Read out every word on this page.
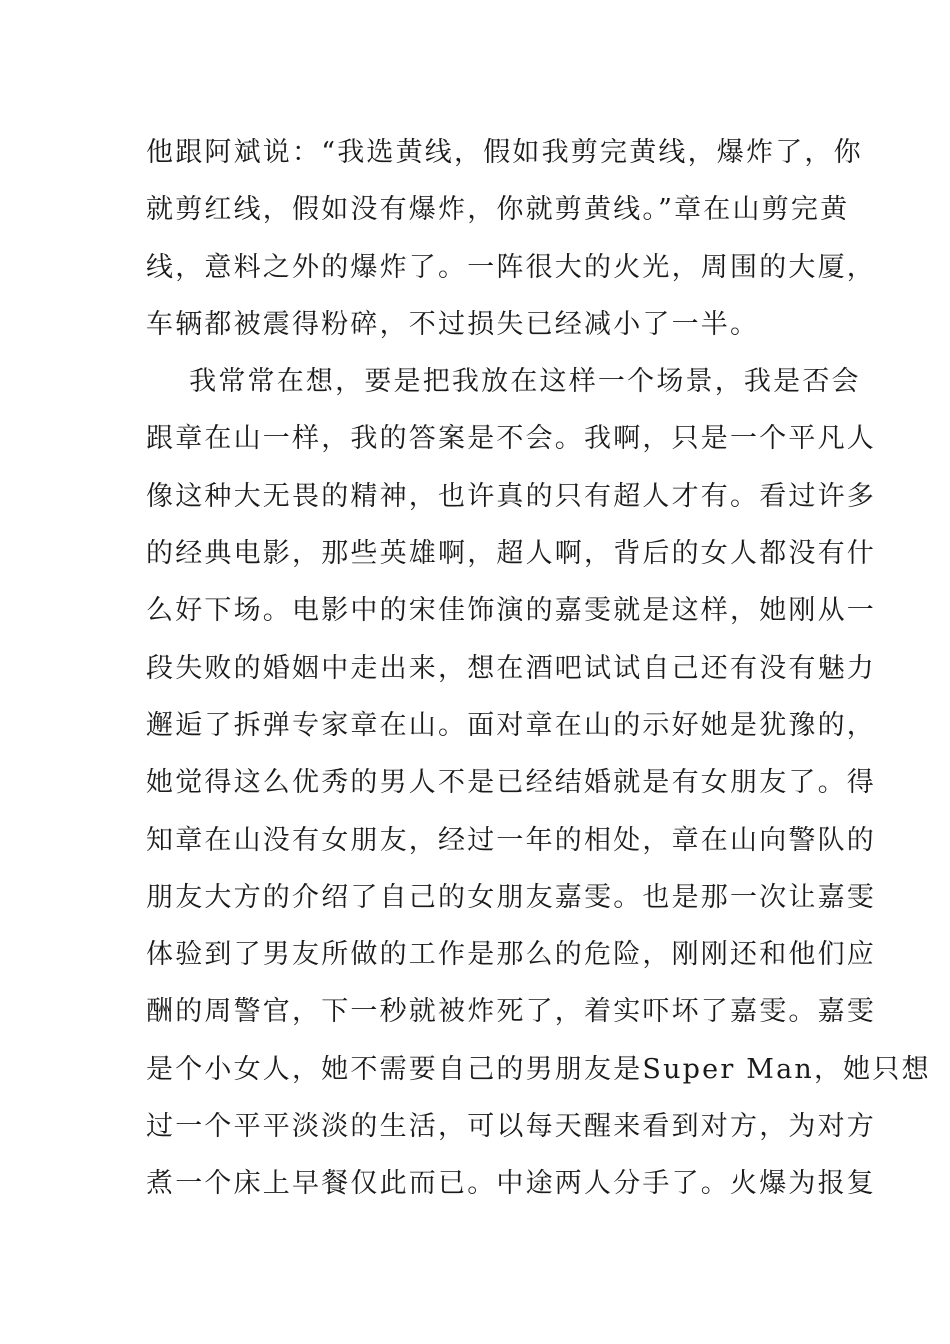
他跟阿斌说：“我选黄线，假如我剪完黄线，爆炸了，你
就剪红线，假如没有爆炸，你就剪黄线。”章在山剪完黄
线，意料之外的爆炸了。一阵很大的火光，周围的大厦，
车辆都被震得粉碎，不过损失已经减小了一半。
我常常在想，要是把我放在这样一个场景，我是否会
跟章在山一样，我的答案是不会。我啊，只是一个平凡人
像这种大无畏的精神，也许真的只有超人才有。看过许多
的经典电影，那些英雄啊，超人啊，背后的女人都没有什
么好下场。电影中的宋佳饰演的嘉雯就是这样，她刚从一
段失败的婚姻中走出来，想在酒吧试试自己还有没有魅力
邂逅了拆弹专家章在山。面对章在山的示好她是犹豫的，
她觉得这么优秀的男人不是已经结婚就是有女朋友了。得
知章在山没有女朋友，经过一年的相处，章在山向警队的
朋友大方的介绍了自己的女朋友嘉雯。也是那一次让嘉雯
体验到了男友所做的工作是那么的危险，刚刚还和他们应
酬的周警官，下一秒就被炸死了，着实吓坏了嘉雯。嘉雯
是个小女人，她不需要自己的男朋友是Super Man，她只想
过一个平平淡淡的生活，可以每天醒来看到对方，为对方
煮一个床上早餐仅此而已。中途两人分手了。火爆为报复
